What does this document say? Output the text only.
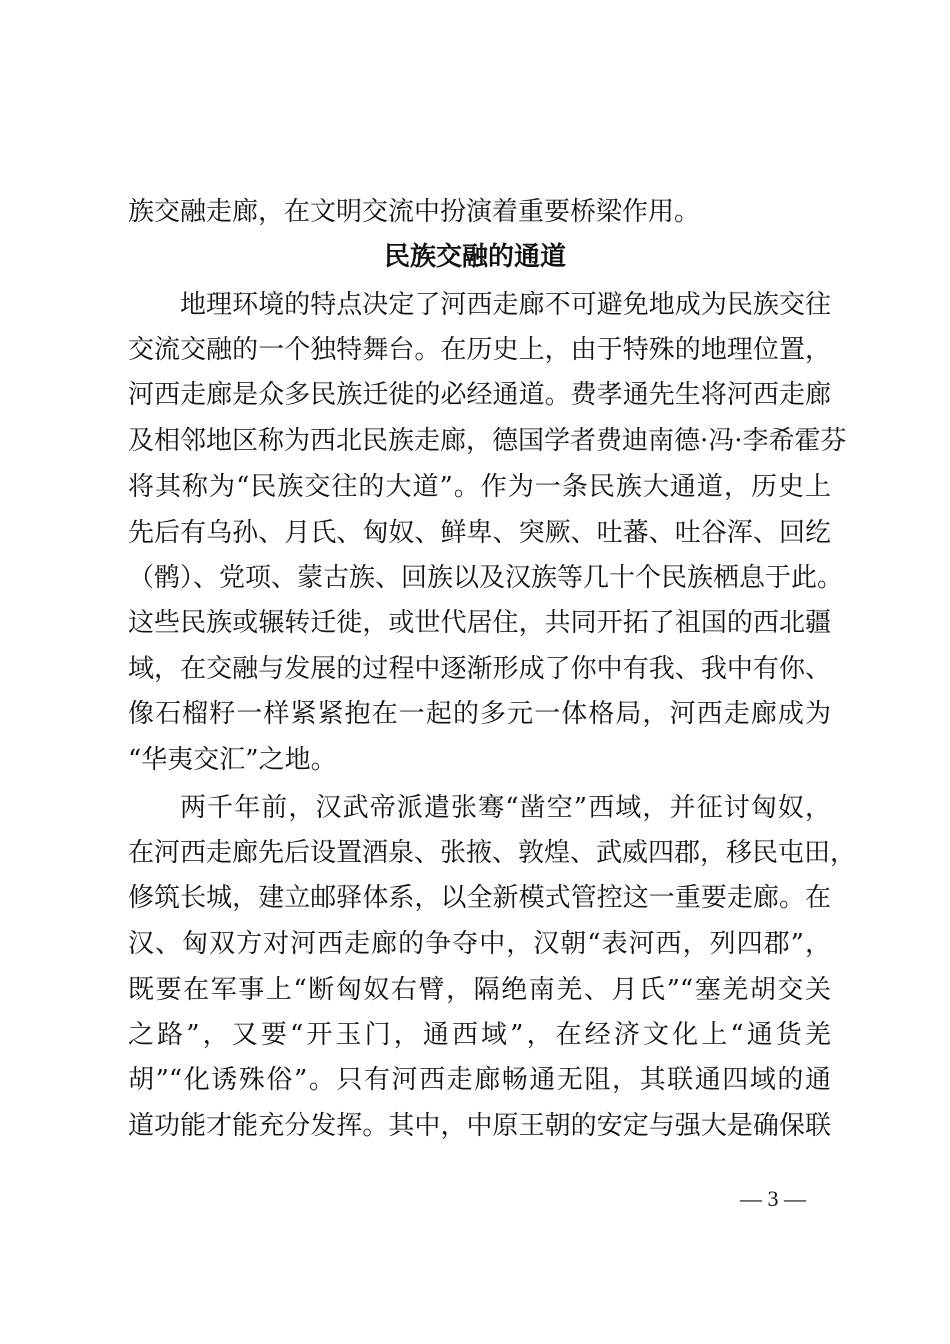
族交融走廊，在文明交流中扮演着重要桥梁作用。
民族交融的通道
地理环境的特点决定了河西走廊不可避免地成为民族交往
交流交融的一个独特舞台。在历史上，由于特殊的地理位置，
河西走廊是众多民族迁徙的必经通道。费孝通先生将河西走廊
及相邻地区称为西北民族走廊，德国学者费迪南德·冯·李希霍芬
将其称为“民族交往的大道”。作为一条民族大通道，历史上
先后有乌孙、月氏、匈奴、鲜卑、突厥、吐蕃、吐谷浑、回纥
（鹘）、党项、蒙古族、回族以及汉族等几十个民族栖息于此。
这些民族或辗转迁徙，或世代居住，共同开拓了祖国的西北疆
域，在交融与发展的过程中逐渐形成了你中有我、我中有你、
像石榴籽一样紧紧抱在一起的多元一体格局，河西走廊成为
“华夷交汇”之地。
两千年前，汉武帝派遣张骞“凿空”西域，并征讨匈奴，
在河西走廊先后设置酒泉、张掖、敦煌、武威四郡，移民屯田，
修筑长城，建立邮驿体系，以全新模式管控这一重要走廊。在
汉、匈双方对河西走廊的争夺中，汉朝“表河西，列四郡”，
既要在军事上“断匈奴右臂，隔绝南羌、月氏”“塞羌胡交关
之路”，又要“开玉门，通西域”，在经济文化上“通货羌
胡”“化诱殊俗”。只有河西走廊畅通无阻，其联通四域的通
道功能才能充分发挥。其中，中原王朝的安定与强大是确保联
— 3 —
